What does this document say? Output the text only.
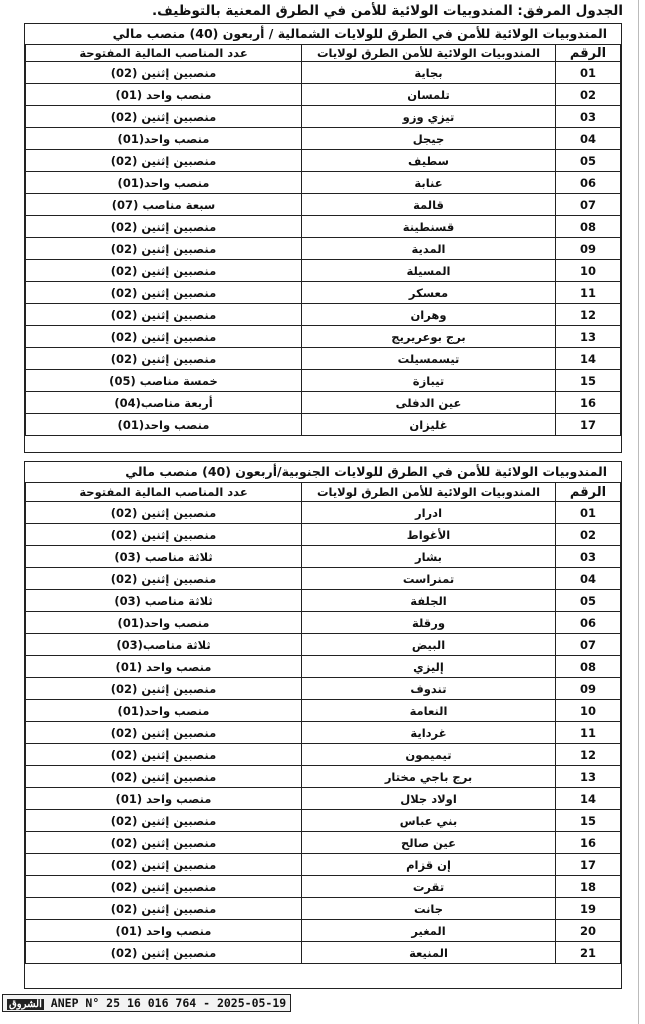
الجدول المرفق: المندوبيات الولائية للأمن في الطرق المعنية بالتوظيف.
المندوبيات الولائية للأمن في الطرق للولايات الشمالية / أربعون (40) منصب مالي
الرقم	المندوبيات الولائية للأمن الطرق لولايات	عدد المناصب المالية المفتوحة
01	بجاية	منصبين إثنين (02)
02	تلمسان	منصب واحد (01)
03	تيزي وزو	منصبين إثنين (02)
04	جيجل	منصب واحد(01)
05	سطيف	منصبين إثنين (02)
06	عنابة	منصب واحد(01)
07	قالمة	سبعة مناصب (07)
08	قسنطينة	منصبين إثنين (02)
09	المدية	منصبين إثنين (02)
10	المسيلة	منصبين إثنين (02)
11	معسكر	منصبين إثنين (02)
12	وهران	منصبين إثنين (02)
13	برج بوعريريج	منصبين إثنين (02)
14	تيسمسيلت	منصبين إثنين (02)
15	تيبازة	خمسة مناصب (05)
16	عين الدفلى	أربعة مناصب(04)
17	غليزان	منصب واحد(01)
المندوبيات الولائية للأمن في الطرق للولايات الجنوبية/أربعون (40) منصب مالي
الرقم	المندوبيات الولائية للأمن الطرق لولايات	عدد المناصب المالية المفتوحة
01	ادرار	منصبين إثنين (02)
02	الأغواط	منصبين إثنين (02)
03	بشار	ثلاثة مناصب (03)
04	تمنراست	منصبين إثنين (02)
05	الجلفة	ثلاثة مناصب (03)
06	ورقلة	منصب واحد(01)
07	البيض	ثلاثة مناصب(03)
08	إليزي	منصب واحد (01)
09	تندوف	منصبين إثنين (02)
10	النعامة	منصب واحد(01)
11	غرداية	منصبين إثنين (02)
12	تيميمون	منصبين إثنين (02)
13	برج باجي مختار	منصبين إثنين (02)
14	اولاد جلال	منصب واحد (01)
15	بني عباس	منصبين إثنين (02)
16	عين صالح	منصبين إثنين (02)
17	إن قزام	منصبين إثنين (02)
18	تقرت	منصبين إثنين (02)
19	جانت	منصبين إثنين (02)
20	المغير	منصب واحد (01)
21	المنيعة	منصبين إثنين (02)
الشروق ANEP N° 25 16 016 764 - 2025-05-19
